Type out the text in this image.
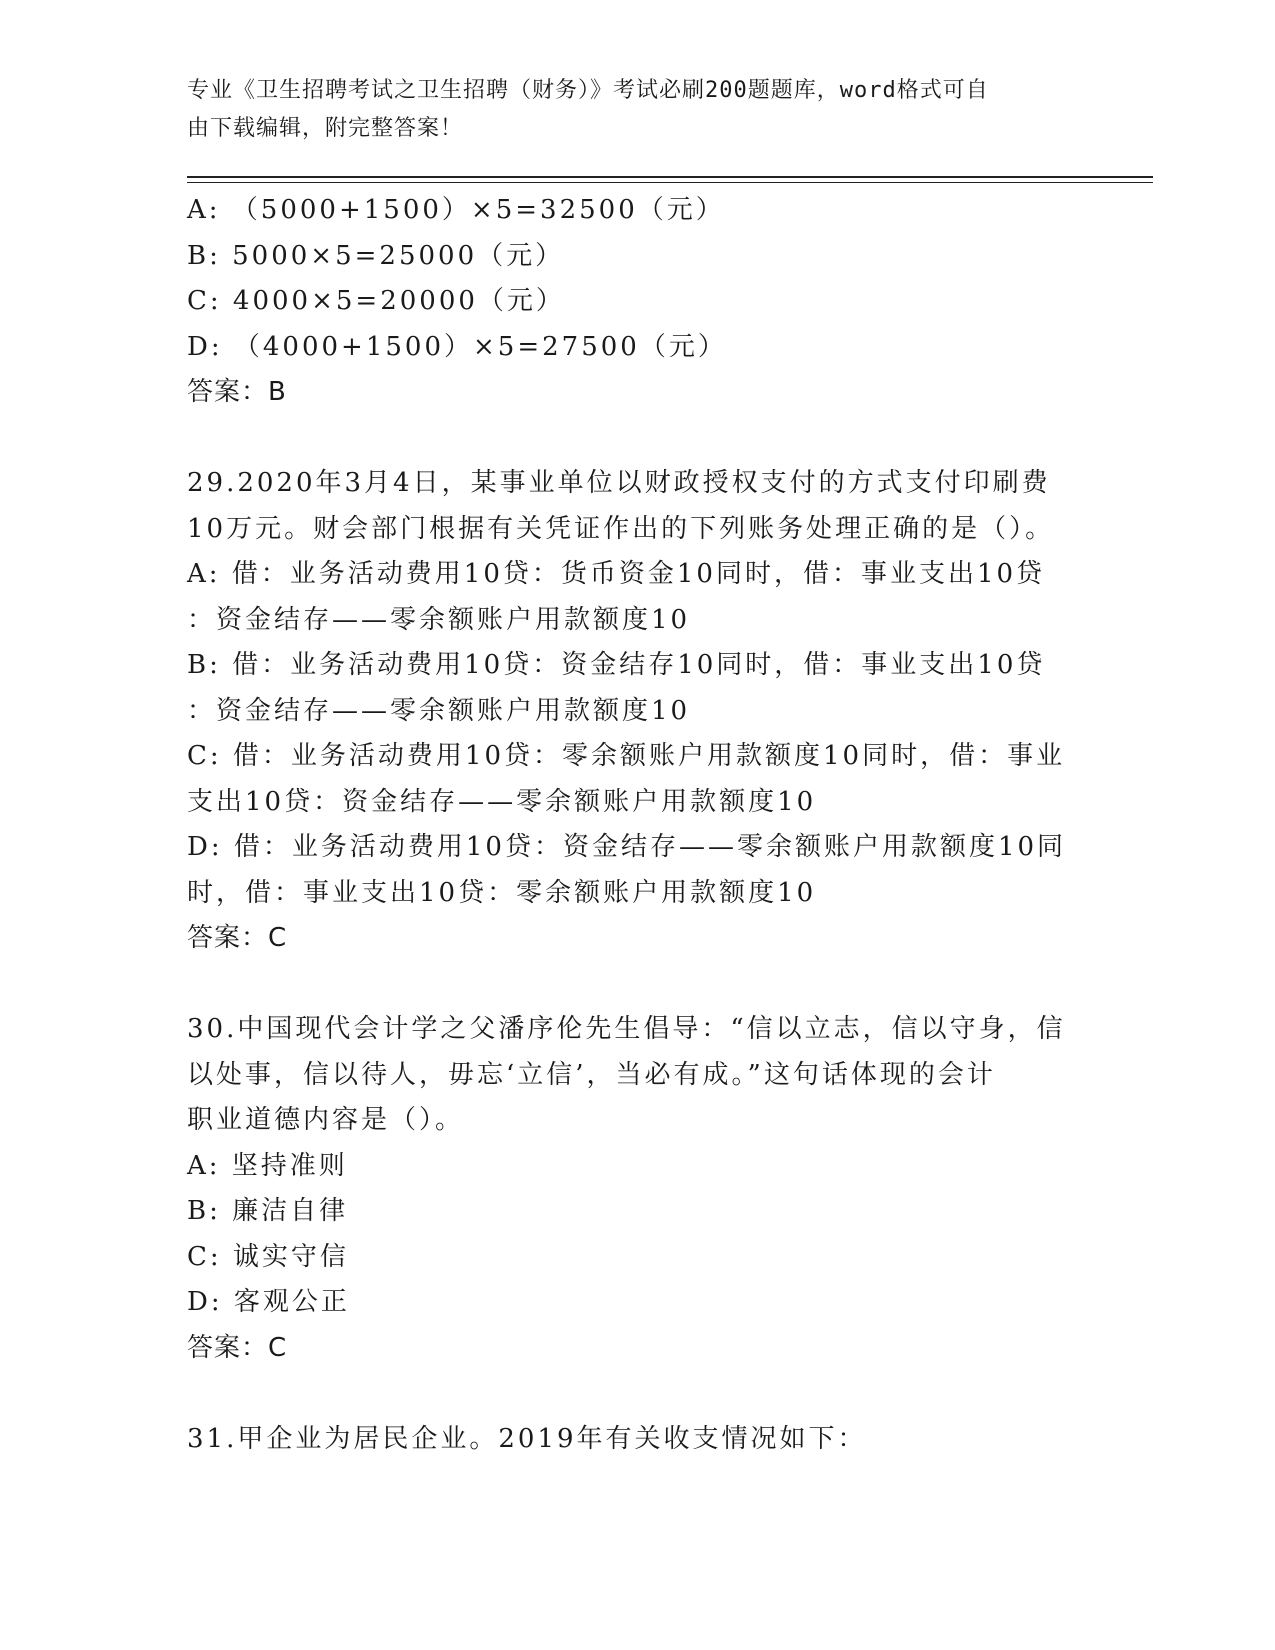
专业《卫生招聘考试之卫生招聘（财务）》考试必刷200题题库，word格式可自
由下载编辑，附完整答案！
A: （5000+1500）×5=32500（元）
B: 5000×5=25000（元）
C: 4000×5=20000（元）
D: （4000+1500）×5=27500（元）
答案：B
29.2020年3月4日，某事业单位以财政授权支付的方式支付印刷费
10万元。财会部门根据有关凭证作出的下列账务处理正确的是（）。
A: 借：业务活动费用10贷：货币资金10同时，借：事业支出10贷
：资金结存——零余额账户用款额度10
B: 借：业务活动费用10贷：资金结存10同时，借：事业支出10贷
：资金结存——零余额账户用款额度10
C: 借：业务活动费用10贷：零余额账户用款额度10同时，借：事业
支出10贷：资金结存——零余额账户用款额度10
D: 借：业务活动费用10贷：资金结存——零余额账户用款额度10同
时，借：事业支出10贷：零余额账户用款额度10
答案：C
30.中国现代会计学之父潘序伦先生倡导：“信以立志，信以守身，信
以处事，信以待人，毋忘‘立信’，当必有成。”这句话体现的会计
职业道德内容是（）。
A: 坚持准则
B: 廉洁自律
C: 诚实守信
D: 客观公正
答案：C
31.甲企业为居民企业。2019年有关收支情况如下：
